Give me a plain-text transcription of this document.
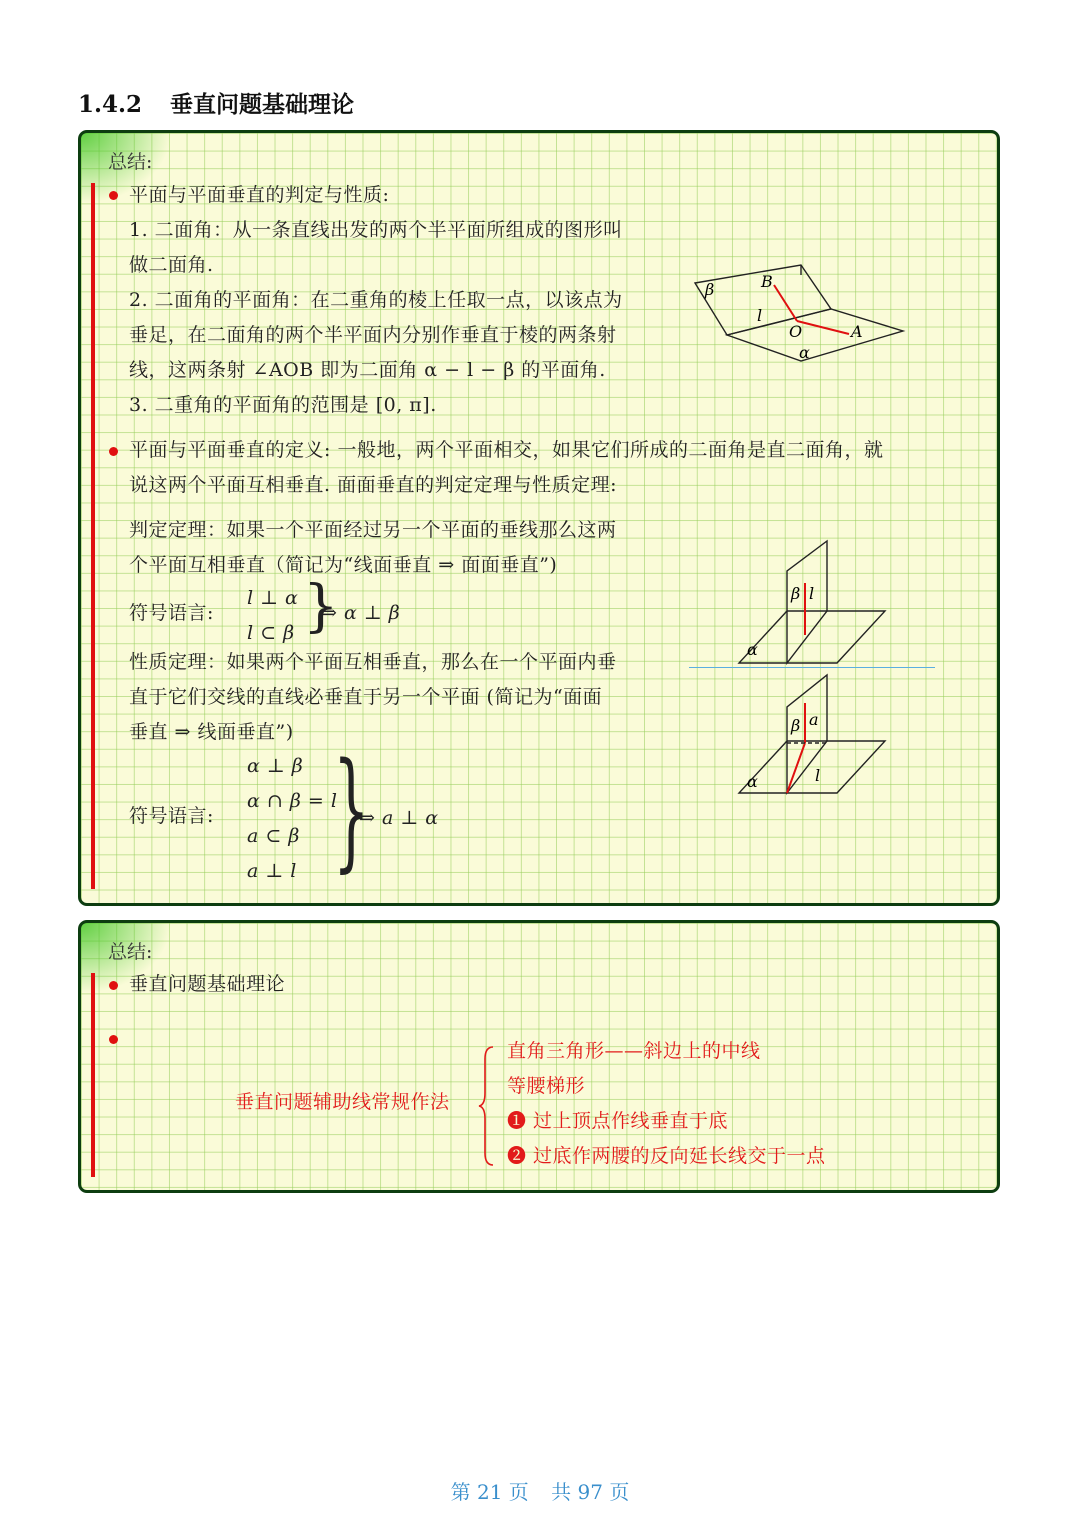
1.4.2 垂直问题基础理论
总结:
平面与平面垂直的判定与性质:
1. 二面角：从一条直线出发的两个半平面所组成的图形叫
做二面角.
2. 二面角的平面角：在二重角的棱上任取一点，以该点为
垂足，在二面角的两个半平面内分别作垂直于棱的两条射
线，这两条射 ∠AOB 即为二面角 α − l − β 的平面角.
3. 二重角的平面角的范围是 [0, π].
β	B
l
O	A
α
平面与平面垂直的定义: 一般地，两个平面相交，如果它们所成的二面角是直二面角，就
说这两个平面互相垂直. 面面垂直的判定定理与性质定理:
判定定理：如果一个平面经过另一个平面的垂线那么这两
个平面互相垂直（简记为“线面垂直 ⇒ 面面垂直”)
符号语言:
l ⊥ α
l ⊂ β }
⇒ α ⊥ β
β l
α
性质定理：如果两个平面互相垂直，那么在一个平面内垂
直于它们交线的直线必垂直于另一个平面 (简记为“面面
垂直 ⇒ 线面垂直”)
符号语言:
α ⊥ β
α ∩ β = l
a ⊂ β
a ⊥ l }
⇒ a ⊥ α
β a
l
α
总结:
垂直问题基础理论
垂直问题辅助线常规作法
直角三角形——斜边上的中线
等腰梯形
❶ 过上顶点作线垂直于底
❷ 过底作两腰的反向延长线交于一点
第 21 页 共 97 页
